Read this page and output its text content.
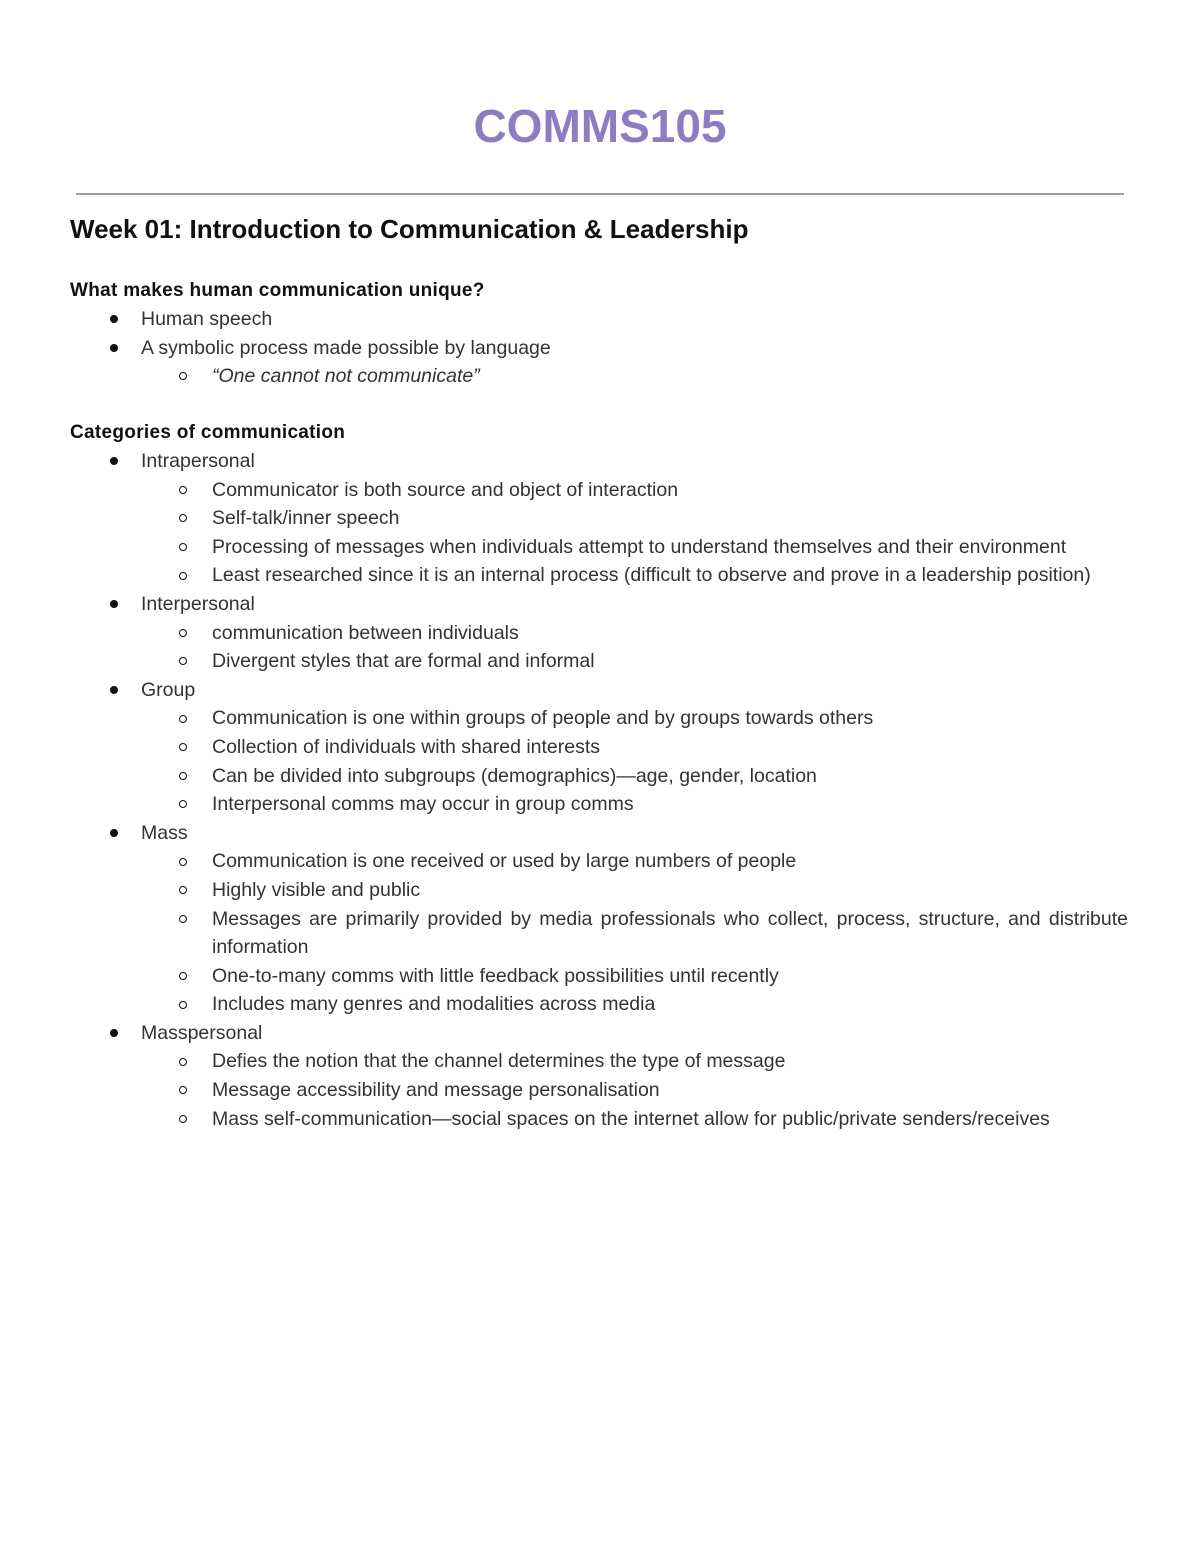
COMMS105
Week 01: Introduction to Communication & Leadership
What makes human communication unique?
Human speech
A symbolic process made possible by language
“One cannot not communicate”
Categories of communication
Intrapersonal
Communicator is both source and object of interaction
Self-talk/inner speech
Processing of messages when individuals attempt to understand themselves and their environment
Least researched since it is an internal process (difficult to observe and prove in a leadership position)
Interpersonal
communication between individuals
Divergent styles that are formal and informal
Group
Communication is one within groups of people and by groups towards others
Collection of individuals with shared interests
Can be divided into subgroups (demographics)—age, gender, location
Interpersonal comms may occur in group comms
Mass
Communication is one received or used by large numbers of people
Highly visible and public
Messages are primarily provided by media professionals who collect, process, structure, and distribute information
One-to-many comms with little feedback possibilities until recently
Includes many genres and modalities across media
Masspersonal
Defies the notion that the channel determines the type of message
Message accessibility and message personalisation
Mass self-communication—social spaces on the internet allow for public/private senders/receives
